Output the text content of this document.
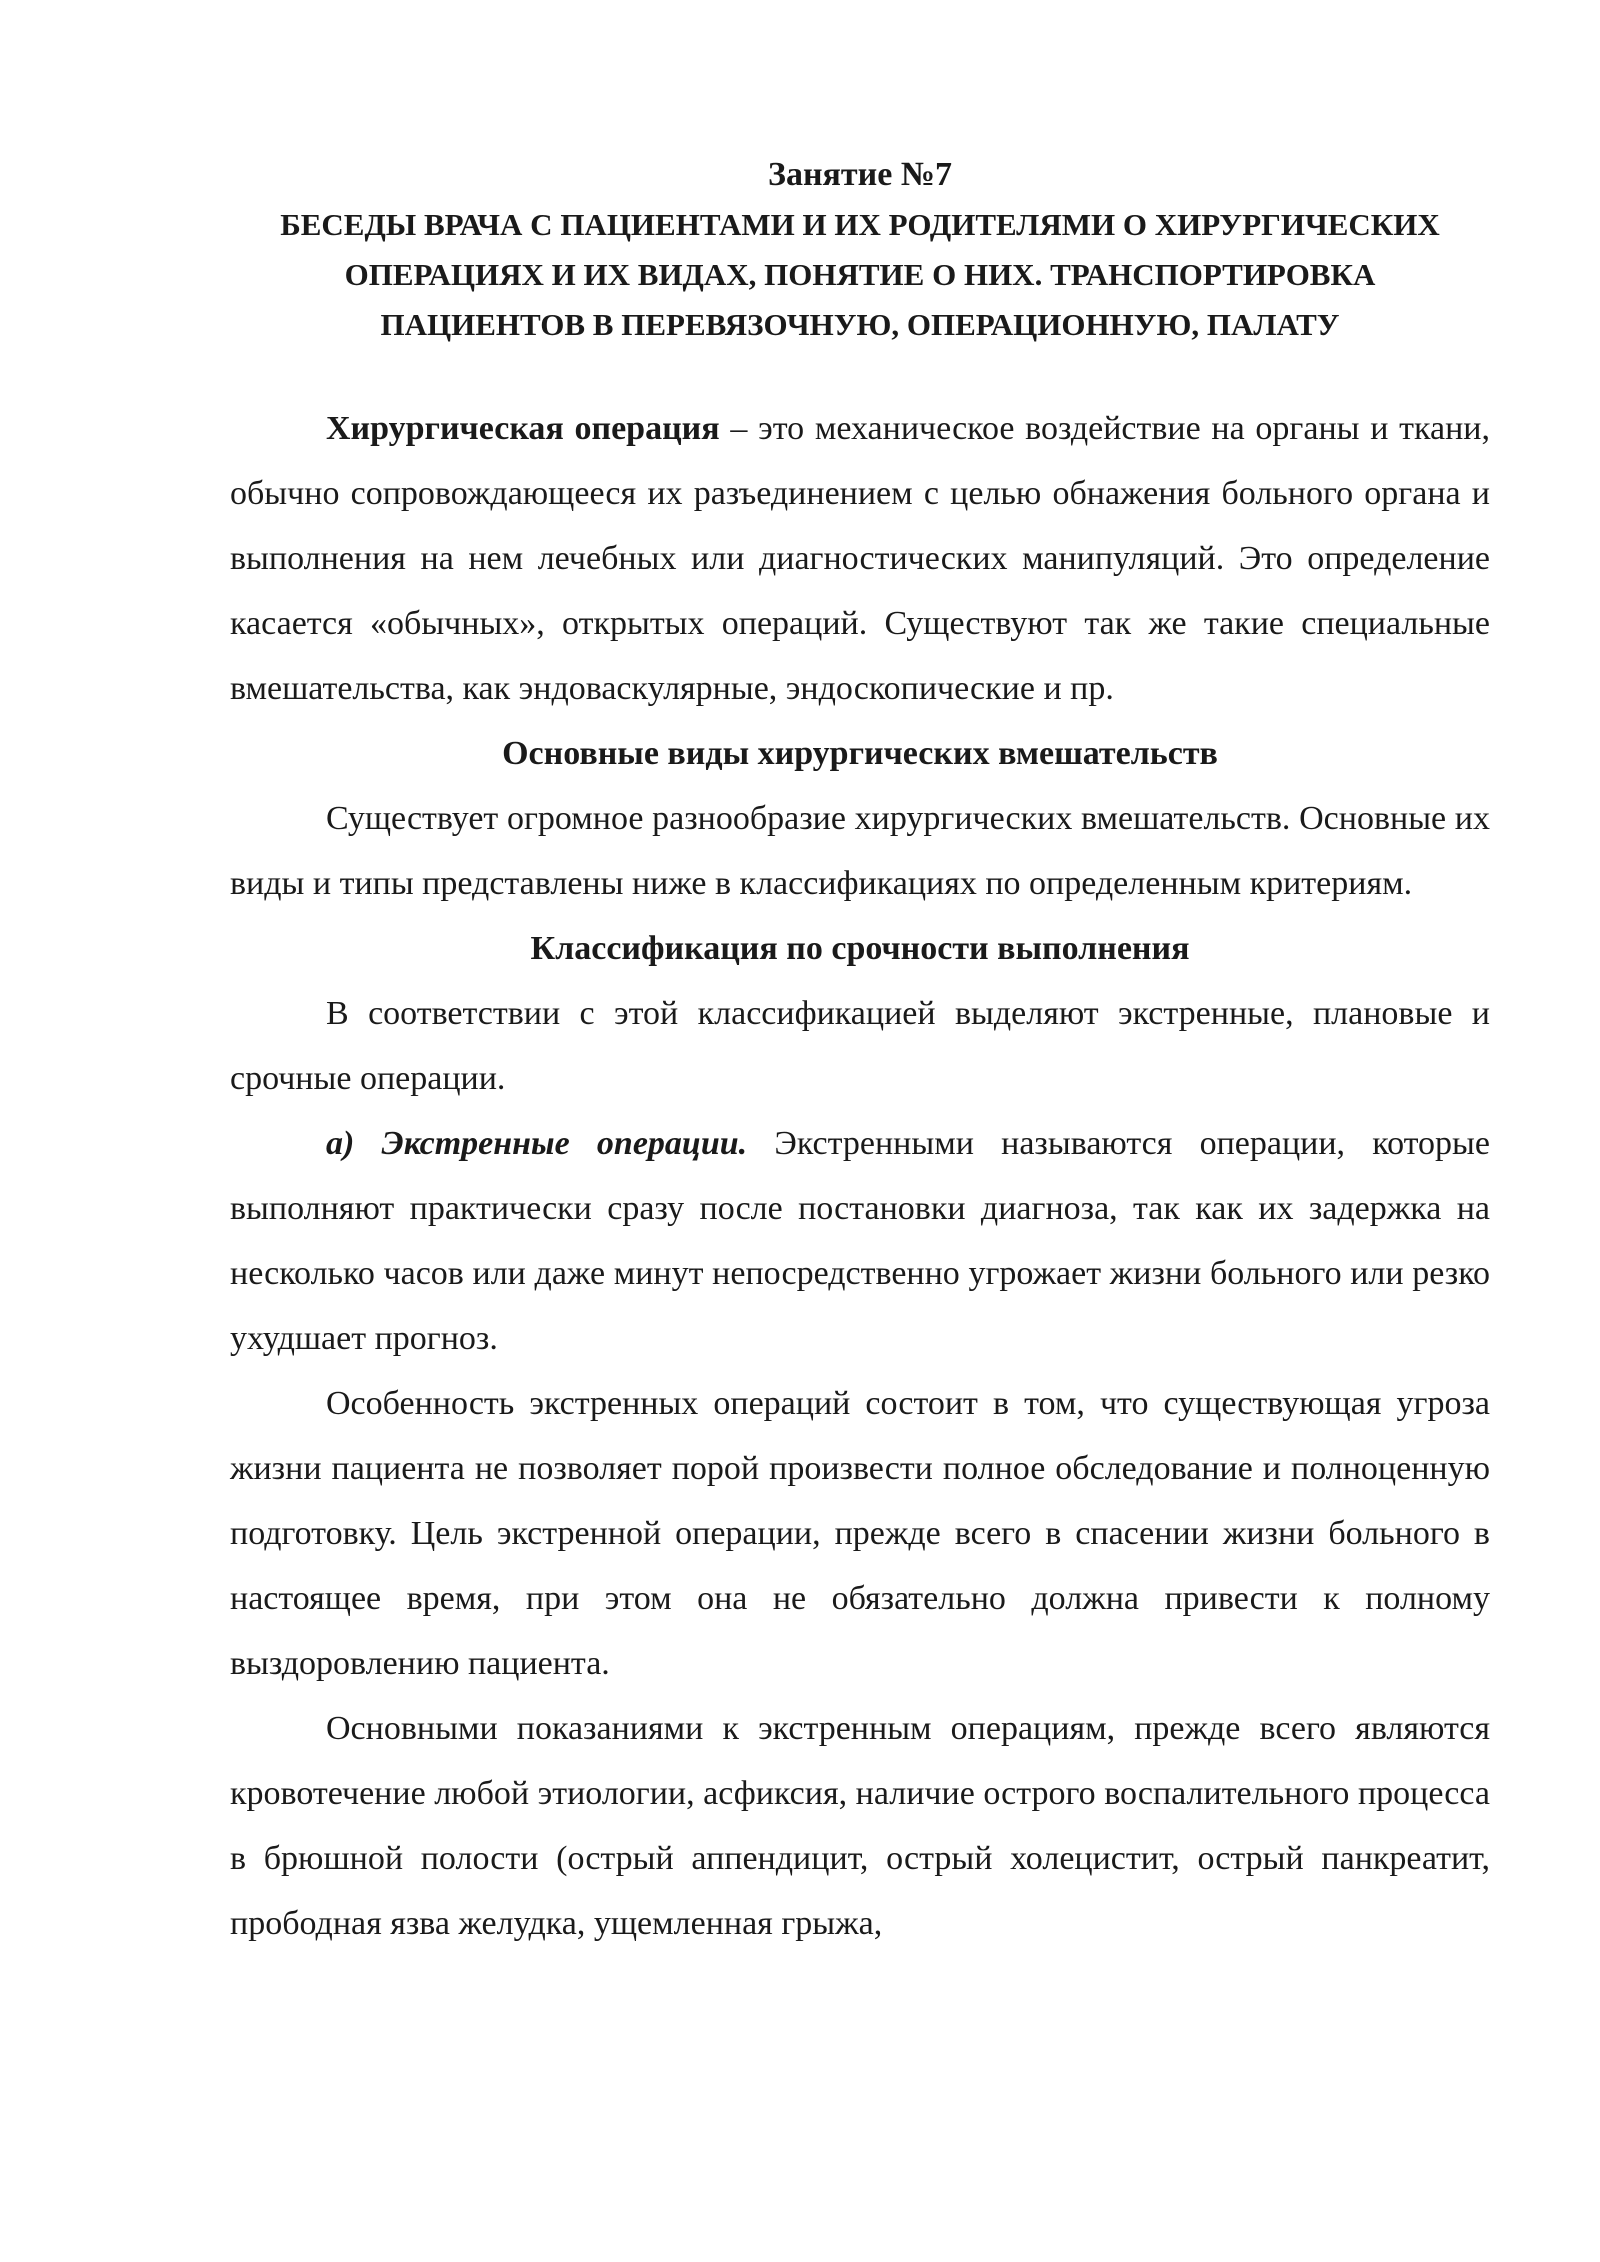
Занятие №7

БЕСЕДЫ ВРАЧА С ПАЦИЕНТАМИ И ИХ РОДИТЕЛЯМИ О ХИРУРГИЧЕСКИХ ОПЕРАЦИЯХ И ИХ ВИДАХ, ПОНЯТИЕ О НИХ. ТРАНСПОРТИРОВКА ПАЦИЕНТОВ В ПЕРЕВЯЗОЧНУЮ, ОПЕРАЦИОННУЮ, ПАЛАТУ

Хирургическая операция – это механическое воздействие на органы и ткани, обычно сопровождающееся их разъединением с целью обнажения больного органа и выполнения на нем лечебных или диагностических манипуляций. Это определение касается «обычных», открытых операций. Существуют так же такие специальные вмешательства, как эндоваскулярные, эндоскопические и пр.

Основные виды хирургических вмешательств

Существует огромное разнообразие хирургических вмешательств. Основные их виды и типы представлены ниже в классификациях по определенным критериям.

Классификация по срочности выполнения

В соответствии с этой классификацией выделяют экстренные, плановые и срочные операции.

а) Экстренные операции. Экстренными называются операции, которые выполняют практически сразу после постановки диагноза, так как их задержка на несколько часов или даже минут непосредственно угрожает жизни больного или резко ухудшает прогноз.

Особенность экстренных операций состоит в том, что существующая угроза жизни пациента не позволяет порой произвести полное обследование и полноценную подготовку. Цель экстренной операции, прежде всего в спасении жизни больного в настоящее время, при этом она не обязательно должна привести к полному выздоровлению пациента.

Основными показаниями к экстренным операциям, прежде всего являются кровотечение любой этиологии, асфиксия, наличие острого воспалительного процесса в брюшной полости (острый аппендицит, острый холецистит, острый панкреатит, прободная язва желудка, ущемленная грыжа,
